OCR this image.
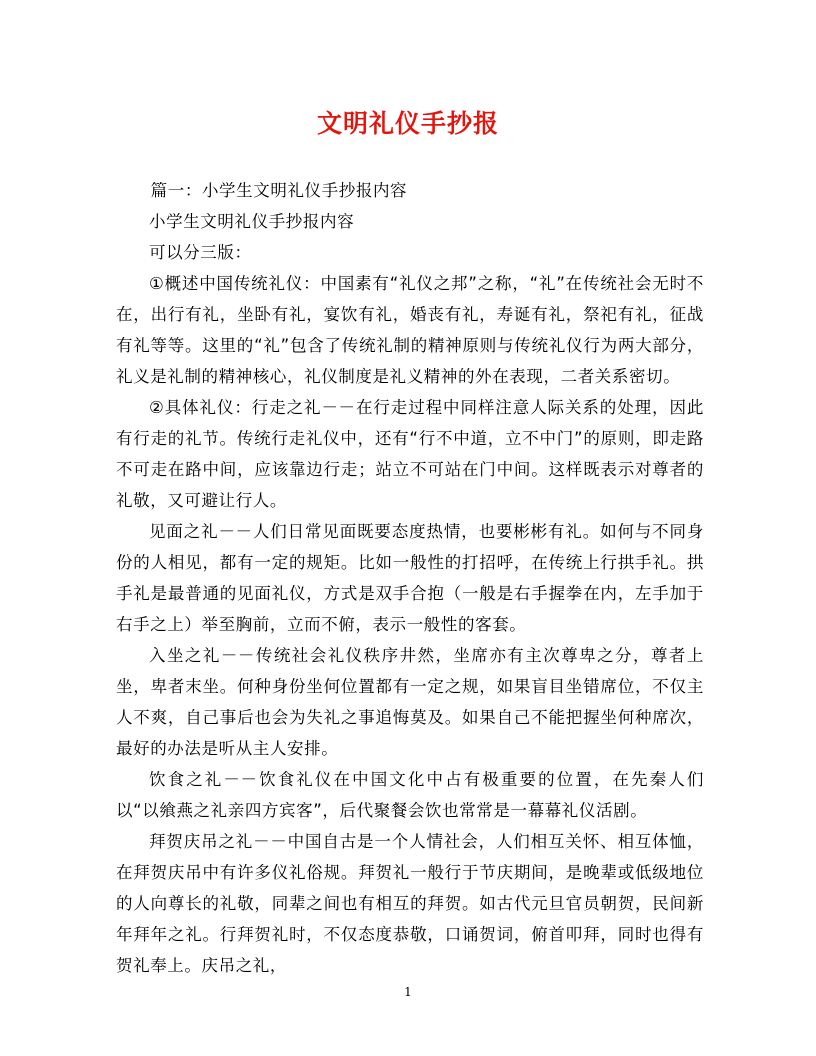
文明礼仪手抄报

篇一：小学生文明礼仪手抄报内容

小学生文明礼仪手抄报内容

可以分三版：

①概述中国传统礼仪：中国素有“礼仪之邦”之称，“礼”在传统社会无时不在，出行有礼，坐卧有礼，宴饮有礼，婚丧有礼，寿诞有礼，祭祀有礼，征战有礼等等。这里的“礼”包含了传统礼制的精神原则与传统礼仪行为两大部分，礼义是礼制的精神核心，礼仪制度是礼义精神的外在表现，二者关系密切。

②具体礼仪：行走之礼－－在行走过程中同样注意人际关系的处理，因此有行走的礼节。传统行走礼仪中，还有“行不中道，立不中门”的原则，即走路不可走在路中间，应该靠边行走；站立不可站在门中间。这样既表示对尊者的礼敬，又可避让行人。

见面之礼－－人们日常见面既要态度热情，也要彬彬有礼。如何与不同身份的人相见，都有一定的规矩。比如一般性的打招呼，在传统上行拱手礼。拱手礼是最普通的见面礼仪，方式是双手合抱（一般是右手握拳在内，左手加于右手之上）举至胸前，立而不俯，表示一般性的客套。

入坐之礼－－传统社会礼仪秩序井然，坐席亦有主次尊卑之分，尊者上坐，卑者末坐。何种身份坐何位置都有一定之规，如果盲目坐错席位，不仅主人不爽，自己事后也会为失礼之事追悔莫及。如果自己不能把握坐何种席次，最好的办法是听从主人安排。

饮食之礼－－饮食礼仪在中国文化中占有极重要的位置，在先秦人们以“以飨燕之礼亲四方宾客”，后代聚餐会饮也常常是一幕幕礼仪活剧。

拜贺庆吊之礼－－中国自古是一个人情社会，人们相互关怀、相互体恤，在拜贺庆吊中有许多仪礼俗规。拜贺礼一般行于节庆期间，是晚辈或低级地位的人向尊长的礼敬，同辈之间也有相互的拜贺。如古代元旦官员朝贺，民间新年拜年之礼。行拜贺礼时，不仅态度恭敬，口诵贺词，俯首叩拜，同时也得有贺礼奉上。庆吊之礼，

1
